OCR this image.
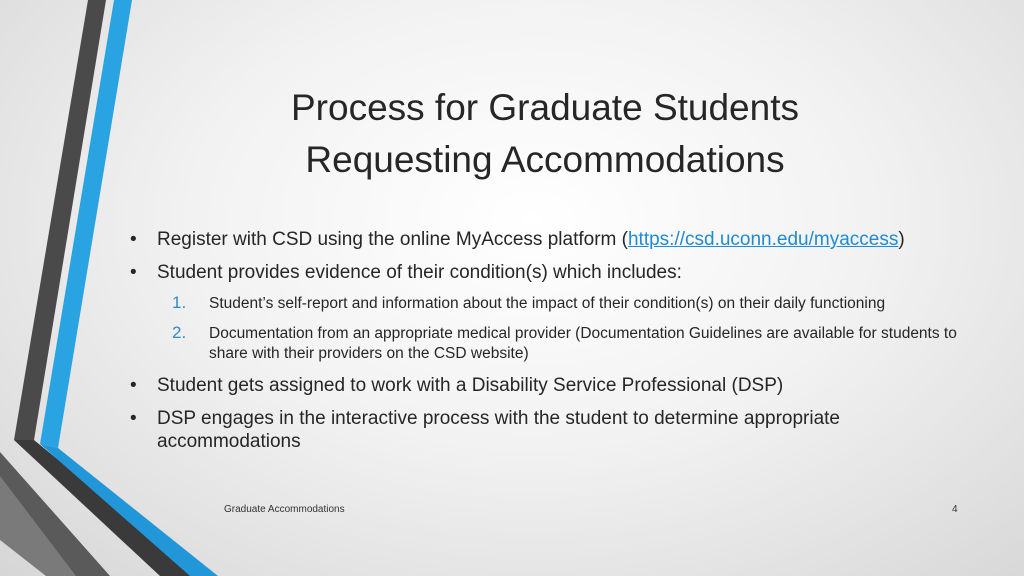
Process for Graduate Students
Requesting Accommodations
• Register with CSD using the online MyAccess platform (https://csd.uconn.edu/myaccess)
• Student provides evidence of their condition(s) which includes:
1. Student’s self-report and information about the impact of their condition(s) on their daily functioning
2. Documentation from an appropriate medical provider (Documentation Guidelines are available for students to share with their providers on the CSD website)
• Student gets assigned to work with a Disability Service Professional (DSP)
• DSP engages in the interactive process with the student to determine appropriate accommodations
Graduate Accommodations	4
